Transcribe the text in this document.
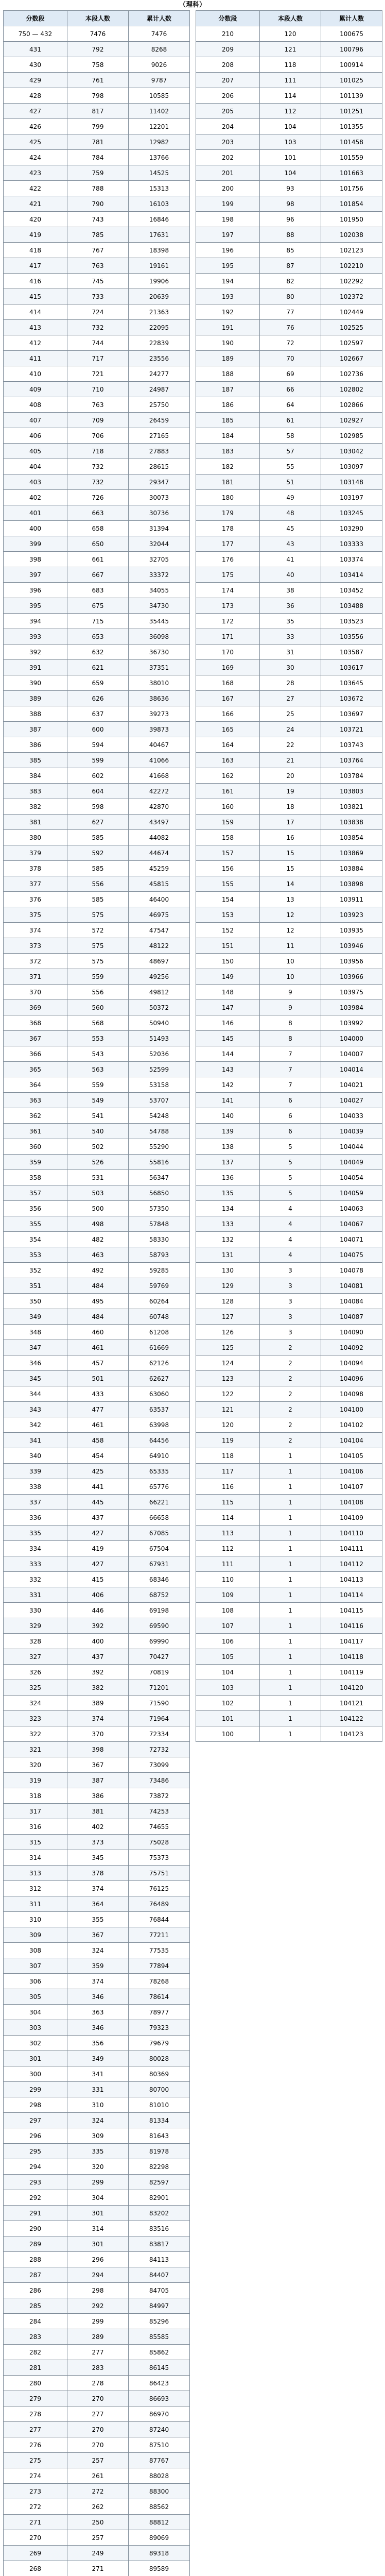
（理科）
分数段	本段人数	累计人数
750 — 432	7476	7476
431	792	8268
430	758	9026
429	761	9787
428	798	10585
427	817	11402
426	799	12201
425	781	12982
424	784	13766
423	759	14525
422	788	15313
421	790	16103
420	743	16846
419	785	17631
418	767	18398
417	763	19161
416	745	19906
415	733	20639
414	724	21363
413	732	22095
412	744	22839
411	717	23556
410	721	24277
409	710	24987
408	763	25750
407	709	26459
406	706	27165
405	718	27883
404	732	28615
403	732	29347
402	726	30073
401	663	30736
400	658	31394
399	650	32044
398	661	32705
397	667	33372
396	683	34055
395	675	34730
394	715	35445
393	653	36098
392	632	36730
391	621	37351
390	659	38010
389	626	38636
388	637	39273
387	600	39873
386	594	40467
385	599	41066
384	602	41668
383	604	42272
382	598	42870
381	627	43497
380	585	44082
379	592	44674
378	585	45259
377	556	45815
376	585	46400
375	575	46975
374	572	47547
373	575	48122
372	575	48697
371	559	49256
370	556	49812
369	560	50372
368	568	50940
367	553	51493
366	543	52036
365	563	52599
364	559	53158
363	549	53707
362	541	54248
361	540	54788
360	502	55290
359	526	55816
358	531	56347
357	503	56850
356	500	57350
355	498	57848
354	482	58330
353	463	58793
352	492	59285
351	484	59769
350	495	60264
349	484	60748
348	460	61208
347	461	61669
346	457	62126
345	501	62627
344	433	63060
343	477	63537
342	461	63998
341	458	64456
340	454	64910
339	425	65335
338	441	65776
337	445	66221
336	437	66658
335	427	67085
334	419	67504
333	427	67931
332	415	68346
331	406	68752
330	446	69198
329	392	69590
328	400	69990
327	437	70427
326	392	70819
325	382	71201
324	389	71590
323	374	71964
322	370	72334
321	398	72732
320	367	73099
319	387	73486
318	386	73872
317	381	74253
316	402	74655
315	373	75028
314	345	75373
313	378	75751
312	374	76125
311	364	76489
310	355	76844
309	367	77211
308	324	77535
307	359	77894
306	374	78268
305	346	78614
304	363	78977
303	346	79323
302	356	79679
301	349	80028
300	341	80369
299	331	80700
298	310	81010
297	324	81334
296	309	81643
295	335	81978
294	320	82298
293	299	82597
292	304	82901
291	301	83202
290	314	83516
289	301	83817
288	296	84113
287	294	84407
286	298	84705
285	292	84997
284	299	85296
283	289	85585
282	277	85862
281	283	86145
280	278	86423
279	270	86693
278	277	86970
277	270	87240
276	270	87510
275	257	87767
274	261	88028
273	272	88300
272	262	88562
271	250	88812
270	257	89069
269	249	89318
268	271	89589

分数段	本段人数	累计人数
210	120	100675
209	121	100796
208	118	100914
207	111	101025
206	114	101139
205	112	101251
204	104	101355
203	103	101458
202	101	101559
201	104	101663
200	93	101756
199	98	101854
198	96	101950
197	88	102038
196	85	102123
195	87	102210
194	82	102292
193	80	102372
192	77	102449
191	76	102525
190	72	102597
189	70	102667
188	69	102736
187	66	102802
186	64	102866
185	61	102927
184	58	102985
183	57	103042
182	55	103097
181	51	103148
180	49	103197
179	48	103245
178	45	103290
177	43	103333
176	41	103374
175	40	103414
174	38	103452
173	36	103488
172	35	103523
171	33	103556
170	31	103587
169	30	103617
168	28	103645
167	27	103672
166	25	103697
165	24	103721
164	22	103743
163	21	103764
162	20	103784
161	19	103803
160	18	103821
159	17	103838
158	16	103854
157	15	103869
156	15	103884
155	14	103898
154	13	103911
153	12	103923
152	12	103935
151	11	103946
150	10	103956
149	10	103966
148	9	103975
147	9	103984
146	8	103992
145	8	104000
144	7	104007
143	7	104014
142	7	104021
141	6	104027
140	6	104033
139	6	104039
138	5	104044
137	5	104049
136	5	104054
135	5	104059
134	4	104063
133	4	104067
132	4	104071
131	4	104075
130	3	104078
129	3	104081
128	3	104084
127	3	104087
126	3	104090
125	2	104092
124	2	104094
123	2	104096
122	2	104098
121	2	104100
120	2	104102
119	2	104104
118	1	104105
117	1	104106
116	1	104107
115	1	104108
114	1	104109
113	1	104110
112	1	104111
111	1	104112
110	1	104113
109	1	104114
108	1	104115
107	1	104116
106	1	104117
105	1	104118
104	1	104119
103	1	104120
102	1	104121
101	1	104122
100	1	104123
